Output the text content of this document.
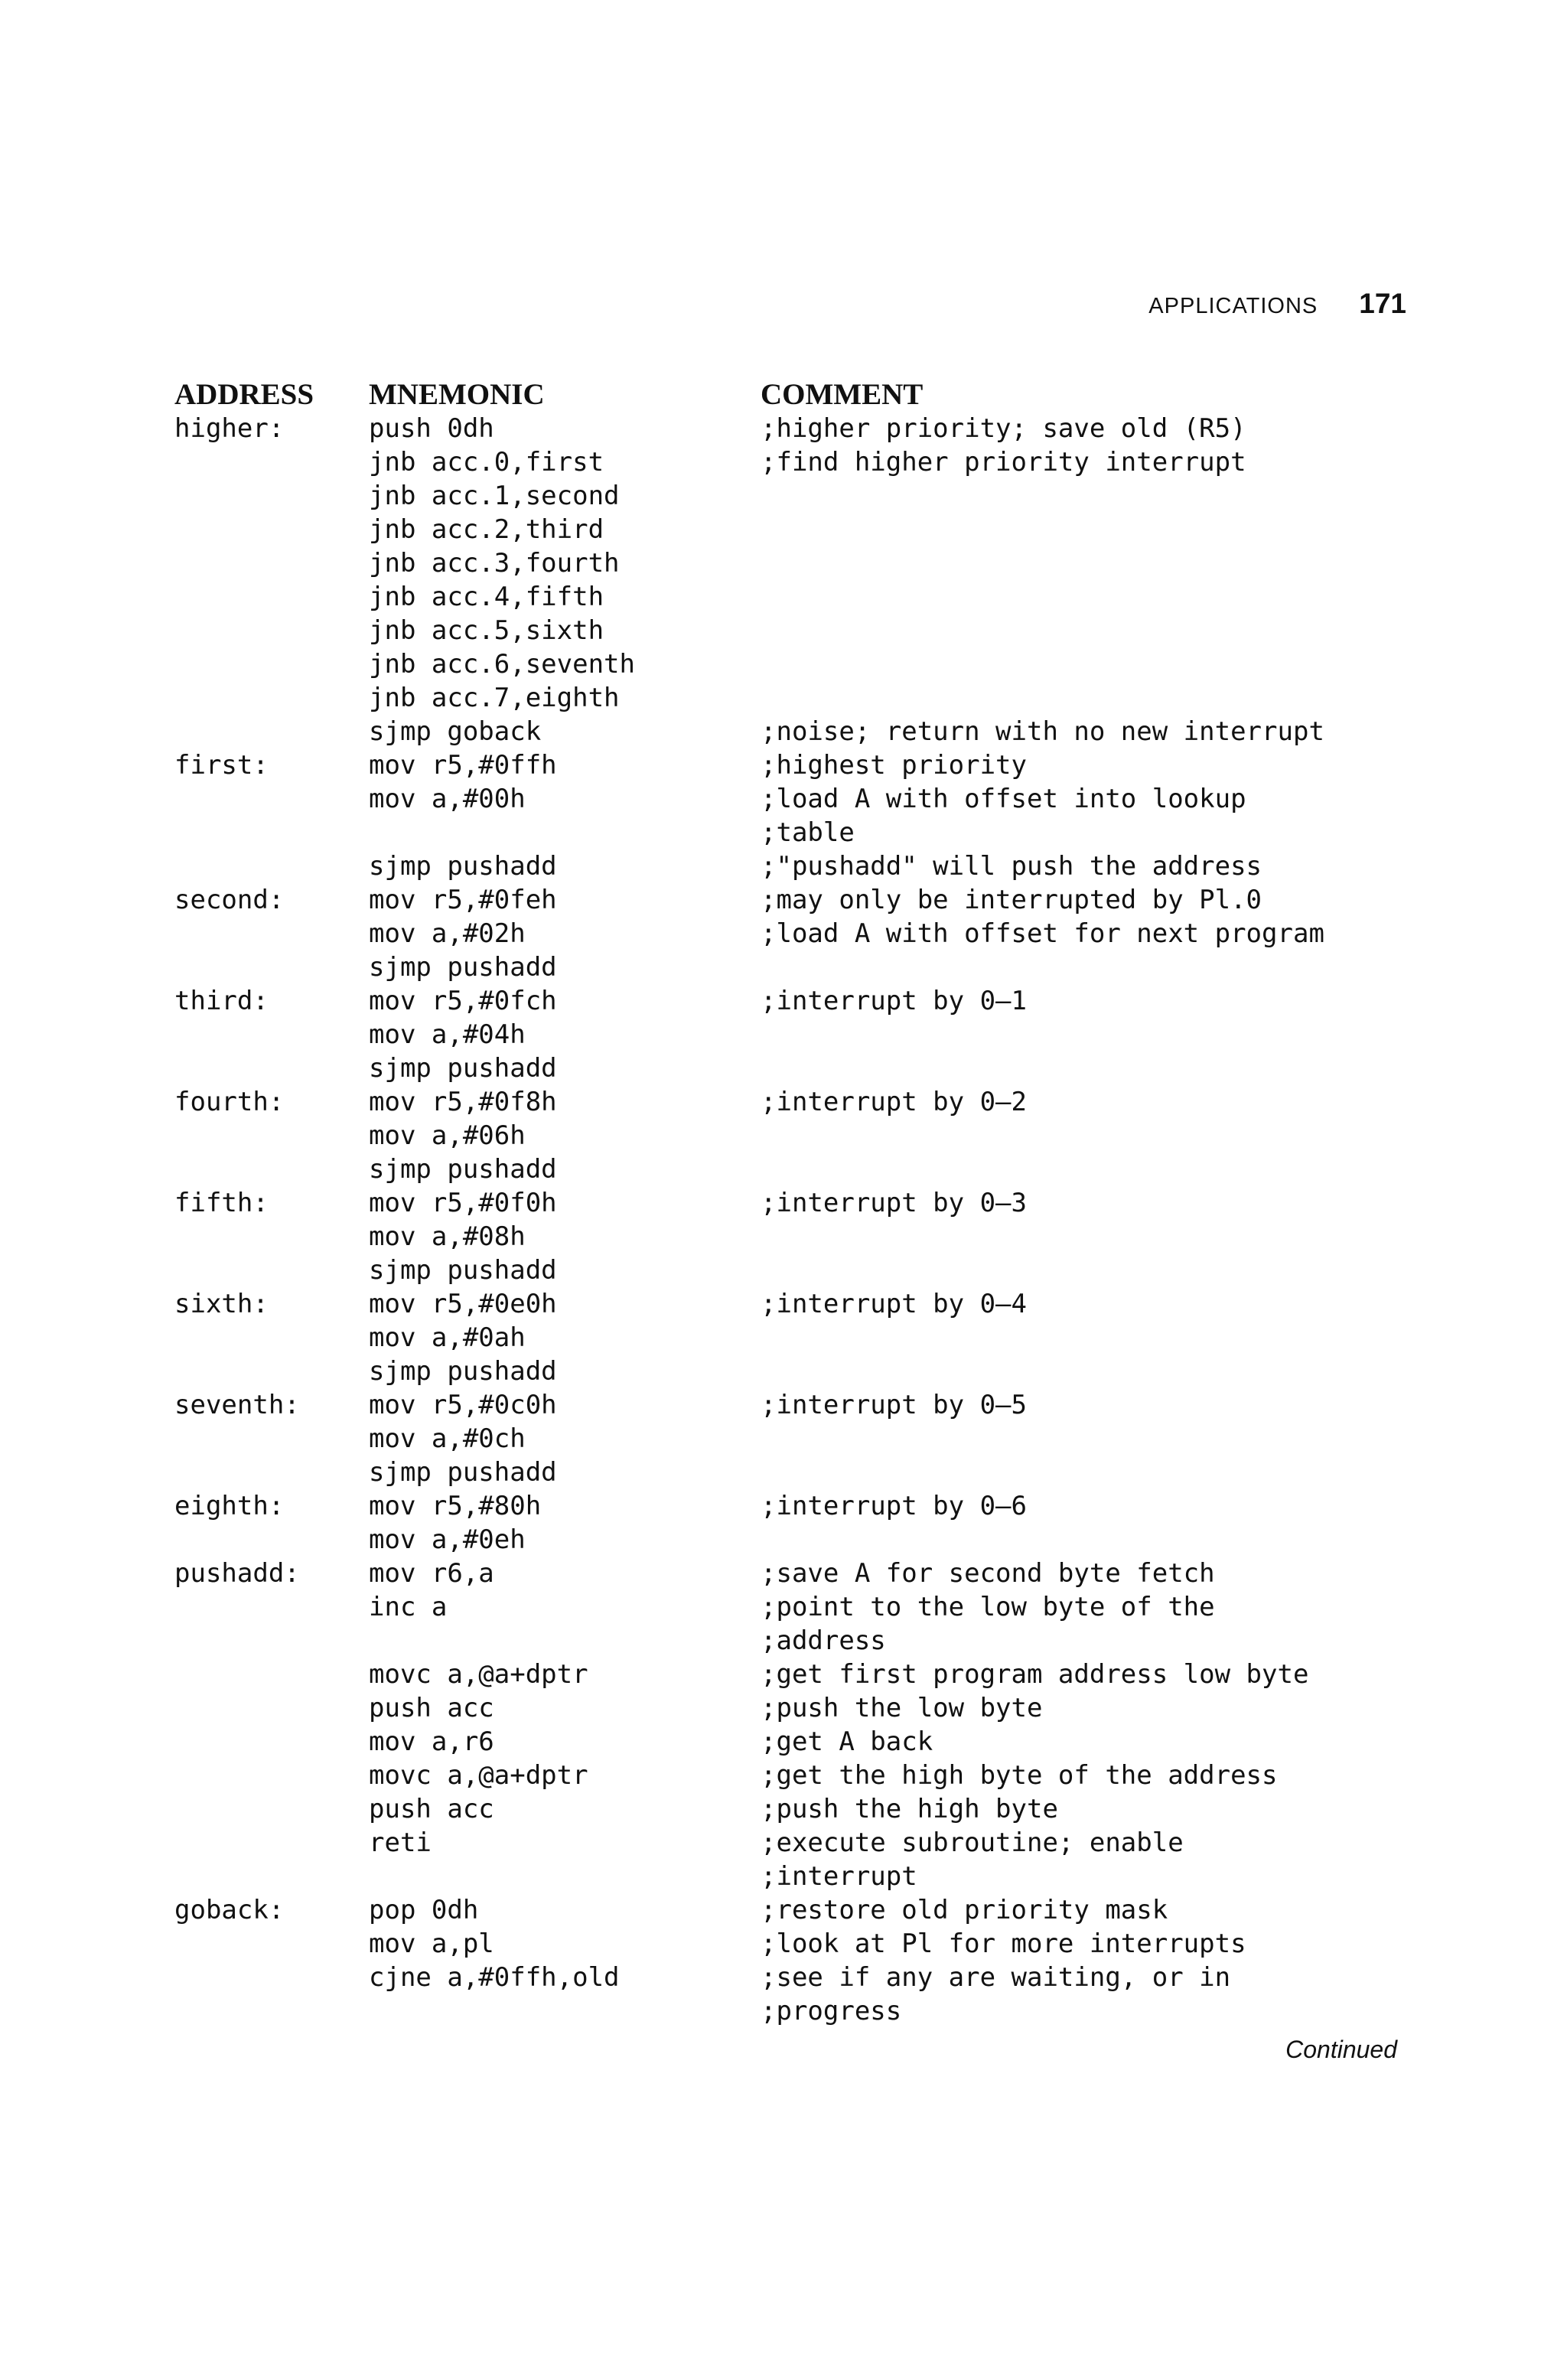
APPLICATIONS 171
ADDRESS	MNEMONIC	COMMENT
higher:	push 0dh	;higher priority; save old (R5)
	jnb acc.0,first	;find higher priority interrupt
	jnb acc.1,second	
	jnb acc.2,third	
	jnb acc.3,fourth	
	jnb acc.4,fifth	
	jnb acc.5,sixth	
	jnb acc.6,seventh	
	jnb acc.7,eighth	
	sjmp goback	;noise; return with no new interrupt
first:	mov r5,#0ffh	;highest priority
	mov a,#00h	;load A with offset into lookup
		;table
	sjmp pushadd	;"pushadd" will push the address
second:	mov r5,#0feh	;may only be interrupted by Pl.0
	mov a,#02h	;load A with offset for next program
	sjmp pushadd	
third:	mov r5,#0fch	;interrupt by 0–1
	mov a,#04h	
	sjmp pushadd	
fourth:	mov r5,#0f8h	;interrupt by 0–2
	mov a,#06h	
	sjmp pushadd	
fifth:	mov r5,#0f0h	;interrupt by 0–3
	mov a,#08h	
	sjmp pushadd	
sixth:	mov r5,#0e0h	;interrupt by 0–4
	mov a,#0ah	
	sjmp pushadd	
seventh:	mov r5,#0c0h	;interrupt by 0–5
	mov a,#0ch	
	sjmp pushadd	
eighth:	mov r5,#80h	;interrupt by 0–6
	mov a,#0eh	
pushadd:	mov r6,a	;save A for second byte fetch
	inc a	;point to the low byte of the
		;address
	movc a,@a+dptr	;get first program address low byte
	push acc	;push the low byte
	mov a,r6	;get A back
	movc a,@a+dptr	;get the high byte of the address
	push acc	;push the high byte
	reti	;execute subroutine; enable
		;interrupt
goback:	pop 0dh	;restore old priority mask
	mov a,pl	;look at Pl for more interrupts
	cjne a,#0ffh,old	;see if any are waiting, or in
		;progress
Continued
